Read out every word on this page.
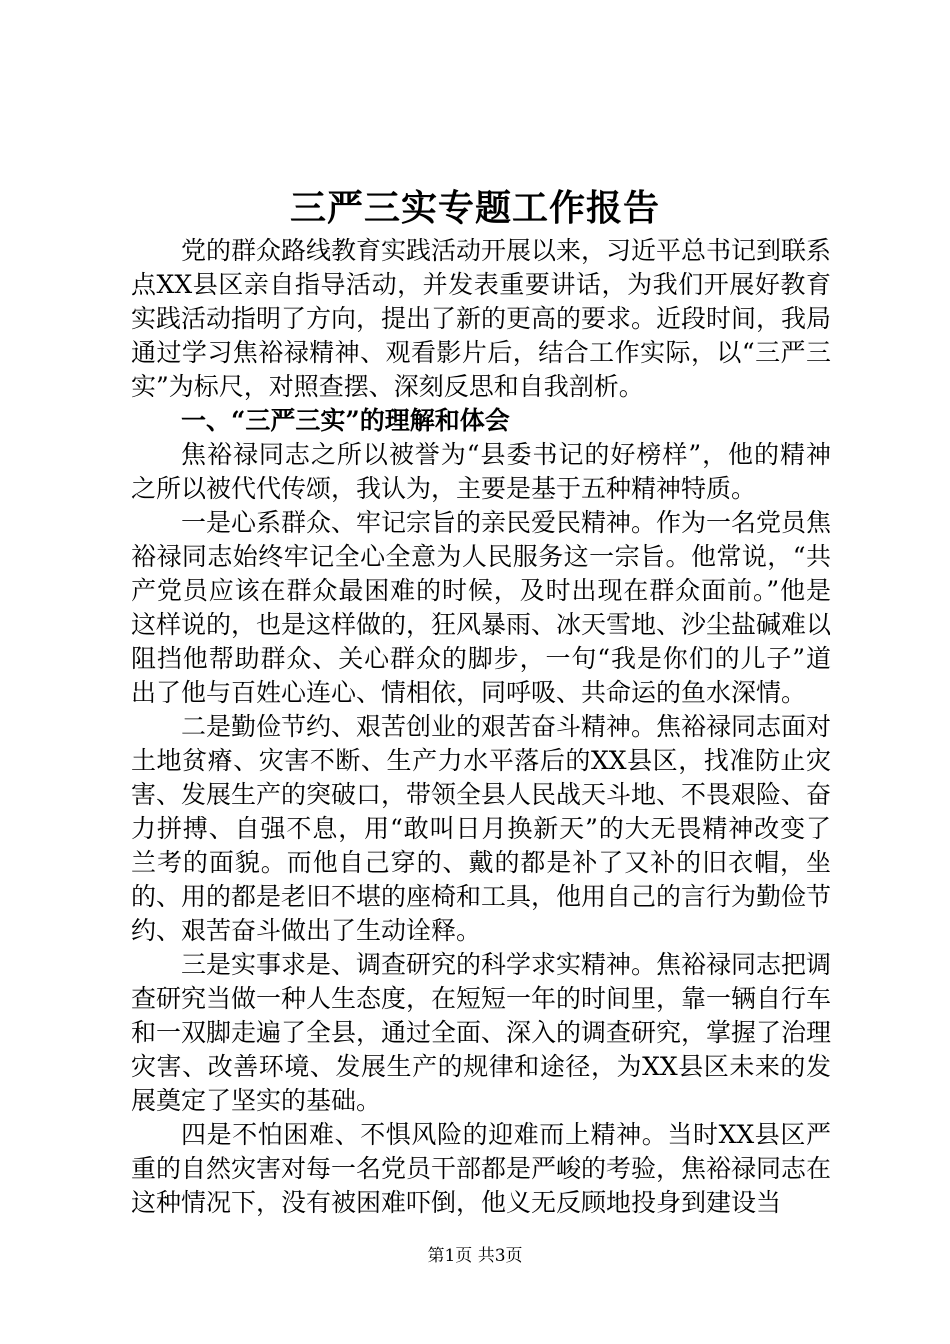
三严三实专题工作报告

党的群众路线教育实践活动开展以来，习近平总书记到联系点XX县区亲自指导活动，并发表重要讲话，为我们开展好教育实践活动指明了方向，提出了新的更高的要求。近段时间，我局通过学习焦裕禄精神、观看影片后，结合工作实际，以“三严三实”为标尺，对照查摆、深刻反思和自我剖析。

一、“三严三实”的理解和体会

焦裕禄同志之所以被誉为“县委书记的好榜样”，他的精神之所以被代代传颂，我认为，主要是基于五种精神特质。

一是心系群众、牢记宗旨的亲民爱民精神。作为一名党员焦裕禄同志始终牢记全心全意为人民服务这一宗旨。他常说，“共产党员应该在群众最困难的时候，及时出现在群众面前。”他是这样说的，也是这样做的，狂风暴雨、冰天雪地、沙尘盐碱难以阻挡他帮助群众、关心群众的脚步，一句“我是你们的儿子”道出了他与百姓心连心、情相依，同呼吸、共命运的鱼水深情。

二是勤俭节约、艰苦创业的艰苦奋斗精神。焦裕禄同志面对土地贫瘠、灾害不断、生产力水平落后的XX县区，找准防止灾害、发展生产的突破口，带领全县人民战天斗地、不畏艰险、奋力拼搏、自强不息，用“敢叫日月换新天”的大无畏精神改变了兰考的面貌。而他自己穿的、戴的都是补了又补的旧衣帽，坐的、用的都是老旧不堪的座椅和工具，他用自己的言行为勤俭节约、艰苦奋斗做出了生动诠释。

三是实事求是、调查研究的科学求实精神。焦裕禄同志把调查研究当做一种人生态度，在短短一年的时间里，靠一辆自行车和一双脚走遍了全县，通过全面、深入的调查研究，掌握了治理灾害、改善环境、发展生产的规律和途径，为XX县区未来的发展奠定了坚实的基础。

四是不怕困难、不惧风险的迎难而上精神。当时XX县区严重的自然灾害对每一名党员干部都是严峻的考验，焦裕禄同志在这种情况下，没有被困难吓倒，他义无反顾地投身到建设当

第1页 共3页
